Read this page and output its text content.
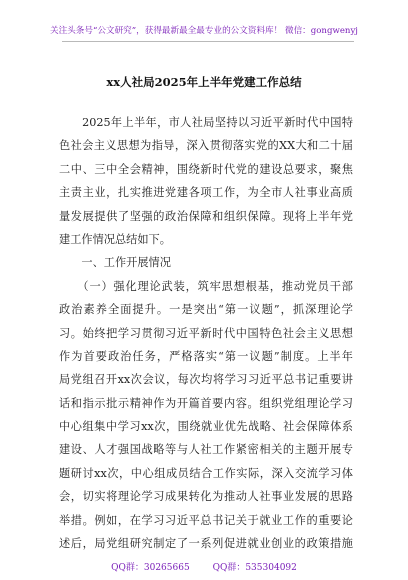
关注头条号“公文研究”，获得最新最全最专业的公文资料库！ 微信：gongwenyj
xx人社局2025年上半年党建工作总结
　　2025年上半年，市人社局坚持以习近平新时代中国特
色社会主义思想为指导，深入贯彻落实党的XX大和二十届
二中、三中全会精神，围绕新时代党的建设总要求，聚焦
主责主业，扎实推进党建各项工作，为全市人社事业高质
量发展提供了坚强的政治保障和组织保障。现将上半年党
建工作情况总结如下。
　　一、工作开展情况
　　（一）强化理论武装，筑牢思想根基，推动党员干部
政治素养全面提升。一是突出“第一议题”，抓深理论学
习。始终把学习贯彻习近平新时代中国特色社会主义思想
作为首要政治任务，严格落实“第一议题”制度。上半年
局党组召开xx次会议，每次均将学习习近平总书记重要讲
话和指示批示精神作为开篇首要内容。组织党组理论学习
中心组集中学习xx次，围绕就业优先战略、社会保障体系
建设、人才强国战略等与人社工作紧密相关的主题开展专
题研讨xx次，中心组成员结合工作实际，深入交流学习体
会，切实将理论学习成果转化为推动人社事业发展的思路
举措。例如，在学习习近平总书记关于就业工作的重要论
述后，局党组研究制定了一系列促进就业创业的政策措施
QQ群：30265665	QQ群：535304092
